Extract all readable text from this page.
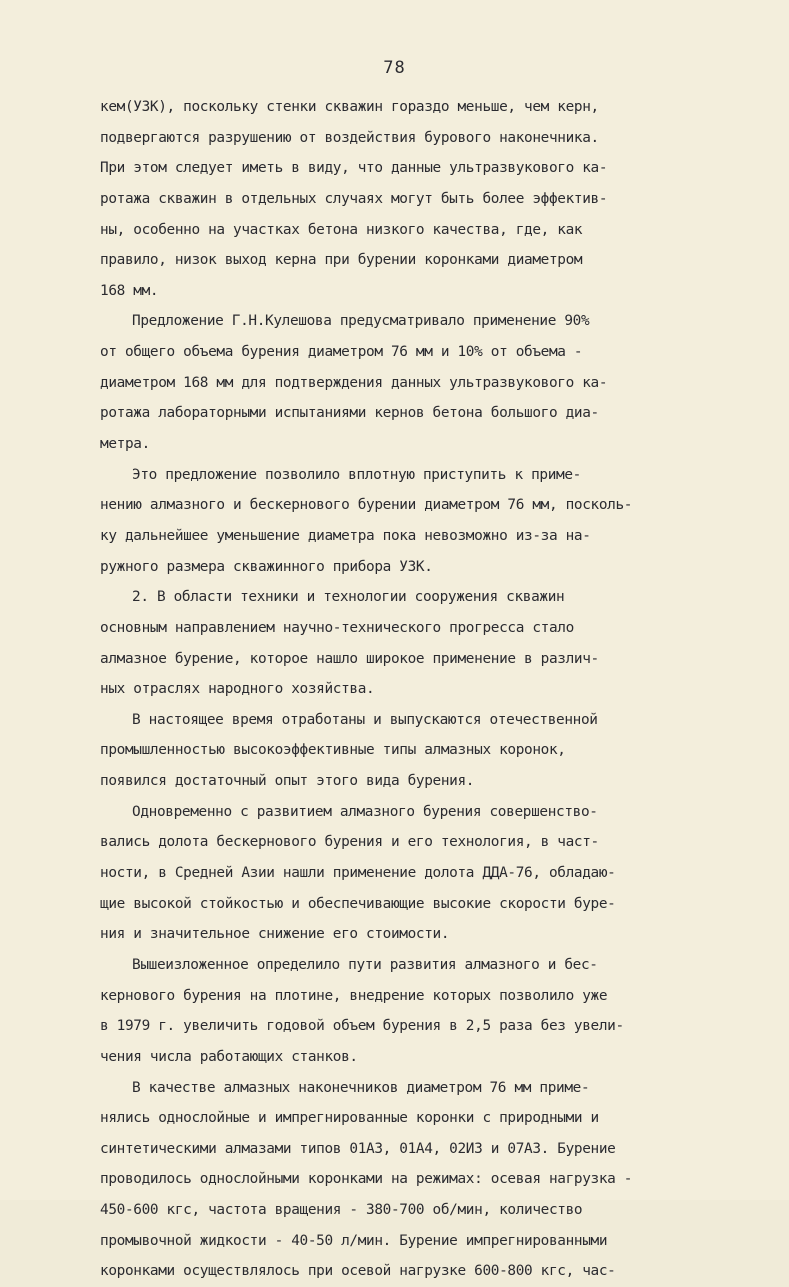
78
кем(УЗК), поскольку стенки скважин гораздо меньше, чем керн,
подвергаются разрушению от воздействия бурового наконечника.
При этом следует иметь в виду, что данные ультразвукового ка-
ротажа скважин в отдельных случаях могут быть более эффектив-
ны, особенно на участках бетона низкого качества, где, как
правило, низок выход керна при бурении коронками диаметром
168 мм.
Предложение Г.Н.Кулешова предусматривало применение 90%
от общего объема бурения диаметром 76 мм и 10% от объема -
диаметром 168 мм для подтверждения данных ультразвукового ка-
ротажа лабораторными испытаниями кернов бетона большого диа-
метра.
Это предложение позволило вплотную приступить к приме-
нению алмазного и бескернового бурении диаметром 76 мм, посколь-
ку дальнейшее уменьшение диаметра пока невозможно из-за на-
ружного размера скважинного прибора УЗК.
2. В области техники и технологии сооружения скважин
основным направлением научно-технического прогресса стало
алмазное бурение, которое нашло широкое применение в различ-
ных отраслях народного хозяйства.
В настоящее время отработаны и выпускаются отечественной
промышленностью высокоэффективные типы алмазных коронок,
появился достаточный опыт этого вида бурения.
Одновременно с развитием алмазного бурения совершенство-
вались долота бескернового бурения и его технология, в част-
ности, в Средней Азии нашли применение долота ДДА-76, обладаю-
щие высокой стойкостью и обеспечивающие высокие скорости буре-
ния и значительное снижение его стоимости.
Вышеизложенное определило пути развития алмазного и бес-
кернового бурения на плотине, внедрение которых позволило уже
в 1979 г. увеличить годовой объем бурения в 2,5 раза без увели-
чения числа работающих станков.
В качестве алмазных наконечников диаметром 76 мм приме-
нялись однослойные и импрегнированные коронки с природными и
синтетическими алмазами типов 01А3, 01А4, 02И3 и 07А3. Бурение
проводилось однослойными коронками на режимах: осевая нагрузка -
450-600 кгс, частота вращения - 380-700 об/мин, количество
промывочной жидкости - 40-50 л/мин. Бурение импрегнированными
коронками осуществлялось при осевой нагрузке 600-800 кгс, час-
